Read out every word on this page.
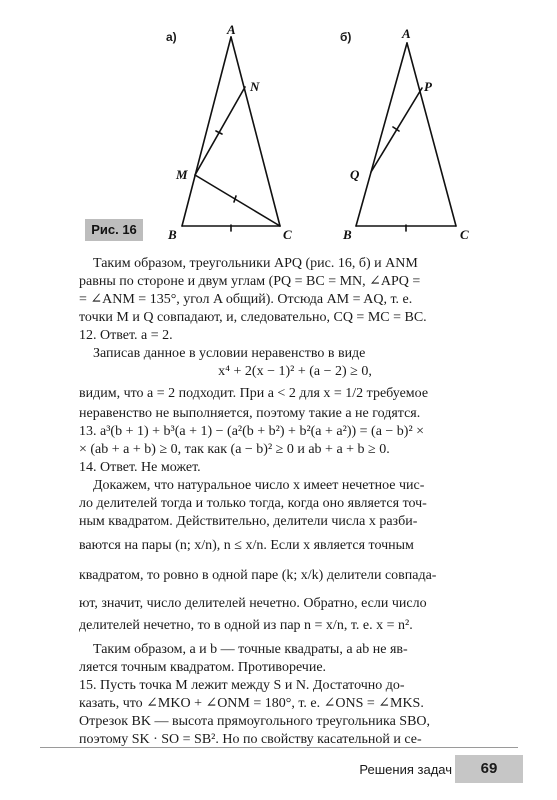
а)	A
N
M
B	C
б)	A
P
Q
B	C
Рис. 16
Таким образом, треугольники APQ (рис. 16, б) и ANM
равны по стороне и двум углам (PQ = BC = MN, ∠APQ =
= ∠ANM = 135°, угол A общий). Отсюда AM = AQ, т. е.
точки M и Q совпадают, и, следовательно, CQ = MC = BC.
12. Ответ. a = 2.
Записав данное в условии неравенство в виде
x⁴ + 2(x − 1)² + (a − 2) ≥ 0,
видим, что a = 2 подходит. При a < 2 для x = 1/2 требуемое
неравенство не выполняется, поэтому такие a не годятся.
13. a³(b + 1) + b³(a + 1) − (a²(b + b²) + b²(a + a²)) = (a − b)² ×
× (ab + a + b) ≥ 0, так как (a − b)² ≥ 0 и ab + a + b ≥ 0.
14. Ответ. Не может.
Докажем, что натуральное число x имеет нечетное чис-
ло делителей тогда и только тогда, когда оно является точ-
ным квадратом. Действительно, делители числа x разби-
ваются на пары (n; x/n), n ≤ x/n. Если x является точным
квадратом, то ровно в одной паре (k; x/k) делители совпада-
ют, значит, число делителей нечетно. Обратно, если число
делителей нечетно, то в одной из пар n = x/n, т. е. x = n².
Таким образом, a и b — точные квадраты, a ab не яв-
ляется точным квадратом. Противоречие.
15. Пусть точка M лежит между S и N. Достаточно до-
казать, что ∠MKO + ∠ONM = 180°, т. е. ∠ONS = ∠MKS.
Отрезок BK — высота прямоугольного треугольника SBO,
поэтому SK · SO = SB². Но по свойству касательной и се-
Решения задач	69
